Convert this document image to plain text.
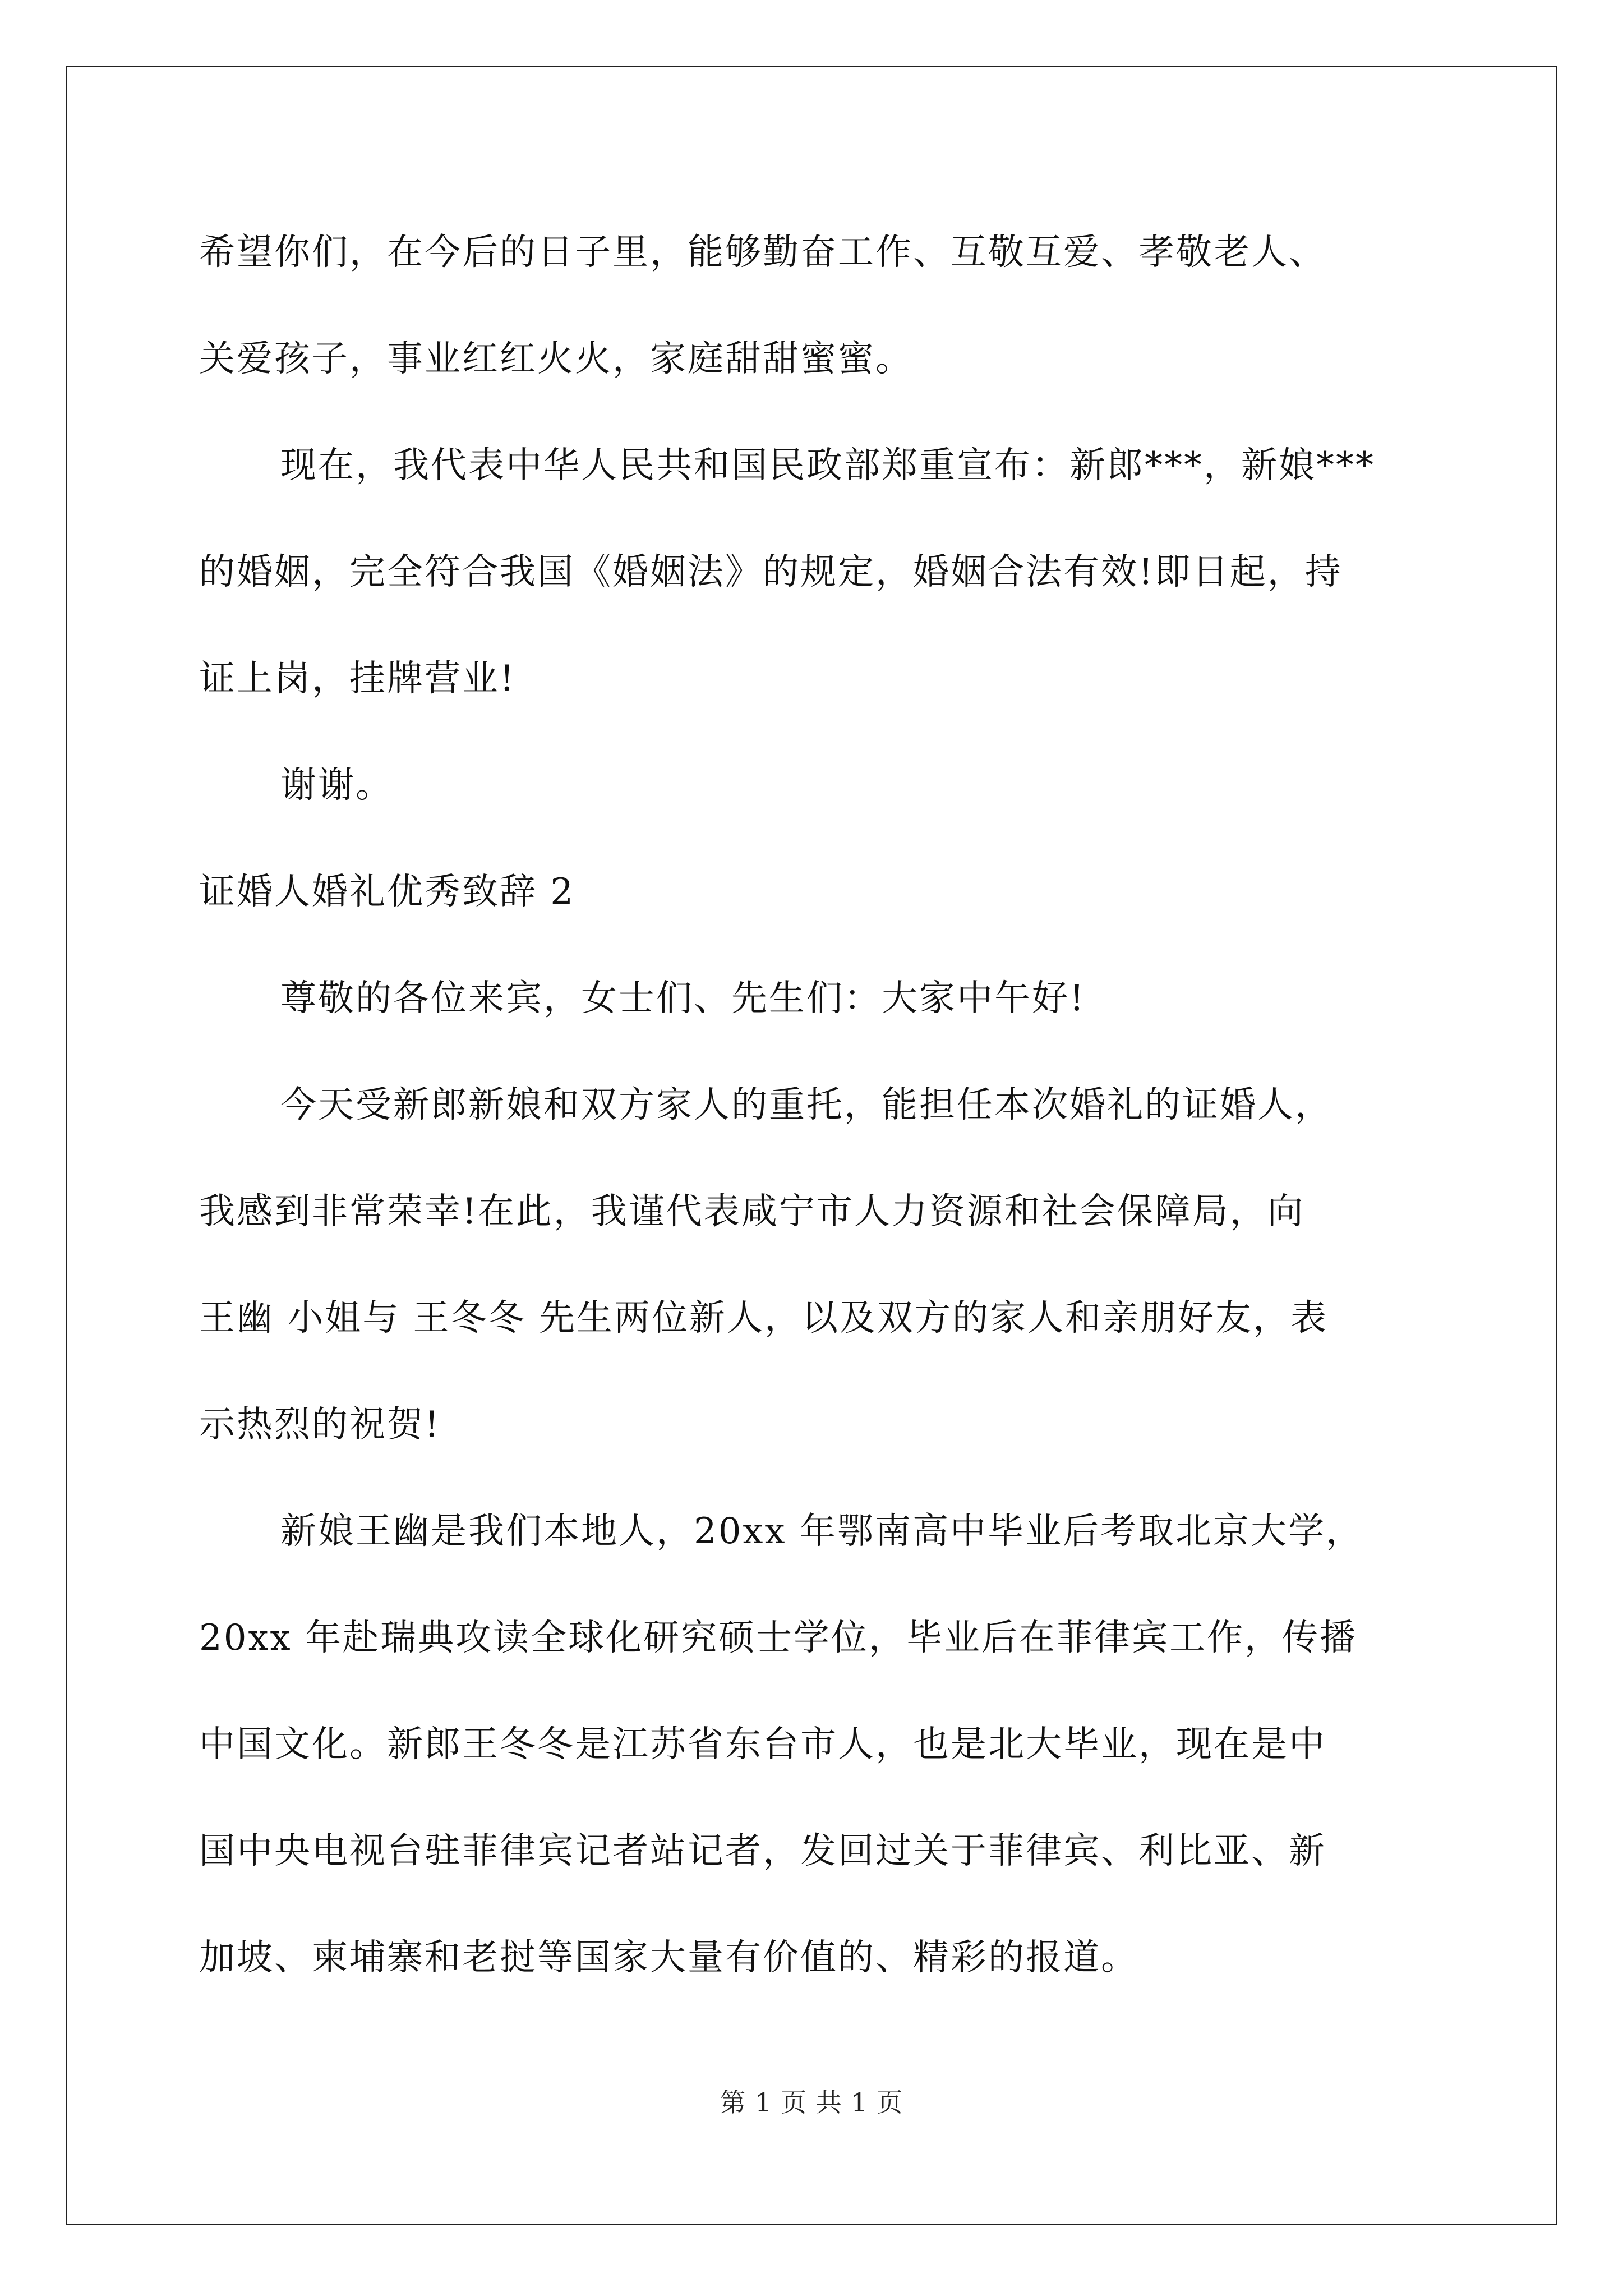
希望你们，在今后的日子里，能够勤奋工作、互敬互爱、孝敬老人、
关爱孩子，事业红红火火，家庭甜甜蜜蜜。
现在，我代表中华人民共和国民政部郑重宣布：新郎***，新娘***
的婚姻，完全符合我国《婚姻法》的规定，婚姻合法有效!即日起，持
证上岗，挂牌营业!
谢谢。
证婚人婚礼优秀致辞 2
尊敬的各位来宾，女士们、先生们：大家中午好!
今天受新郎新娘和双方家人的重托，能担任本次婚礼的证婚人，
我感到非常荣幸!在此，我谨代表咸宁市人力资源和社会保障局，向
王幽 小姐与 王冬冬 先生两位新人，以及双方的家人和亲朋好友，表
示热烈的祝贺!
新娘王幽是我们本地人，20xx 年鄂南高中毕业后考取北京大学，
20xx 年赴瑞典攻读全球化研究硕士学位，毕业后在菲律宾工作，传播
中国文化。新郎王冬冬是江苏省东台市人，也是北大毕业，现在是中
国中央电视台驻菲律宾记者站记者，发回过关于菲律宾、利比亚、新
加坡、柬埔寨和老挝等国家大量有价值的、精彩的报道。
第 1 页 共 1 页
